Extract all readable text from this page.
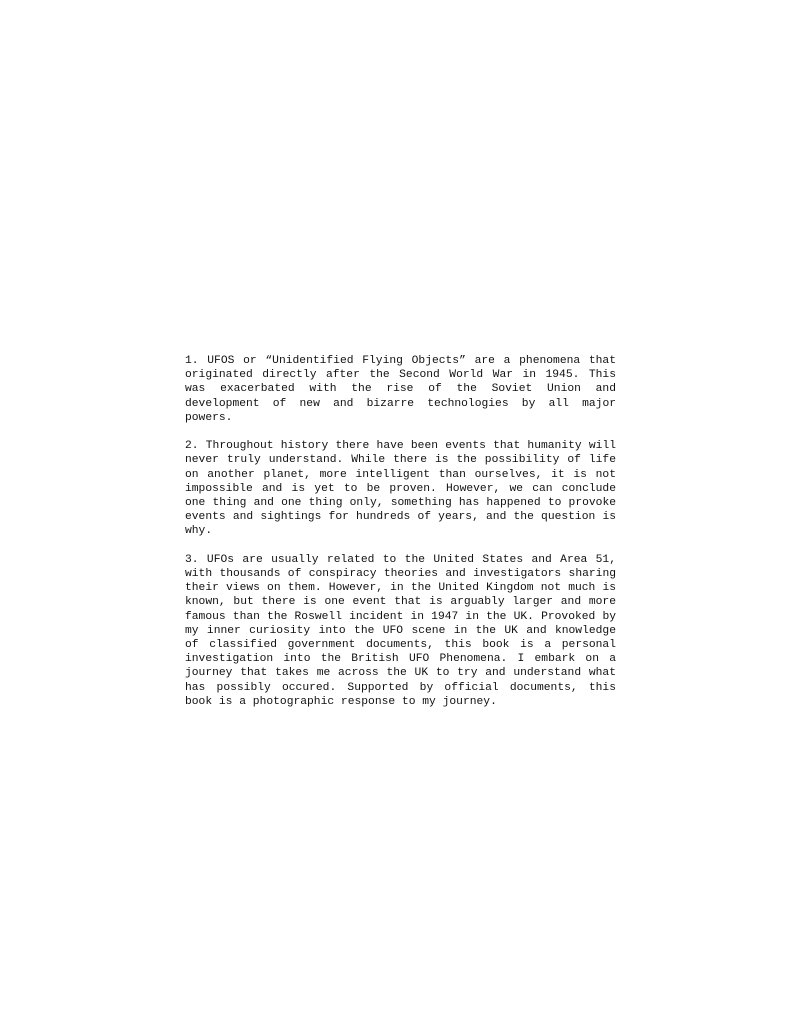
1. UFOS or “Unidentified Flying Objects” are a phenomena that originated directly after the Second World War in 1945. This was exacerbated with the rise of the Soviet Union and development of new and bizarre technologies by all major powers.

2. Throughout history there have been events that humanity will never truly understand. While there is the possibility of life on another planet, more intelligent than ourselves, it is not impossible and is yet to be proven. However, we can conclude one thing and one thing only, something has happened to provoke events and sightings for hundreds of years, and the question is why.

3. UFOs are usually related to the United States and Area 51, with thousands of conspiracy theories and investigators sharing their views on them. However, in the United Kingdom not much is known, but there is one event that is arguably larger and more famous than the Roswell incident in 1947 in the UK. Provoked by my inner curiosity into the UFO scene in the UK and knowledge of classified government documents, this book is a personal investigation into the British UFO Phenomena. I embark on a journey that takes me across the UK to try and understand what has possibly occured. Supported by official documents, this book is a photographic response to my journey.
